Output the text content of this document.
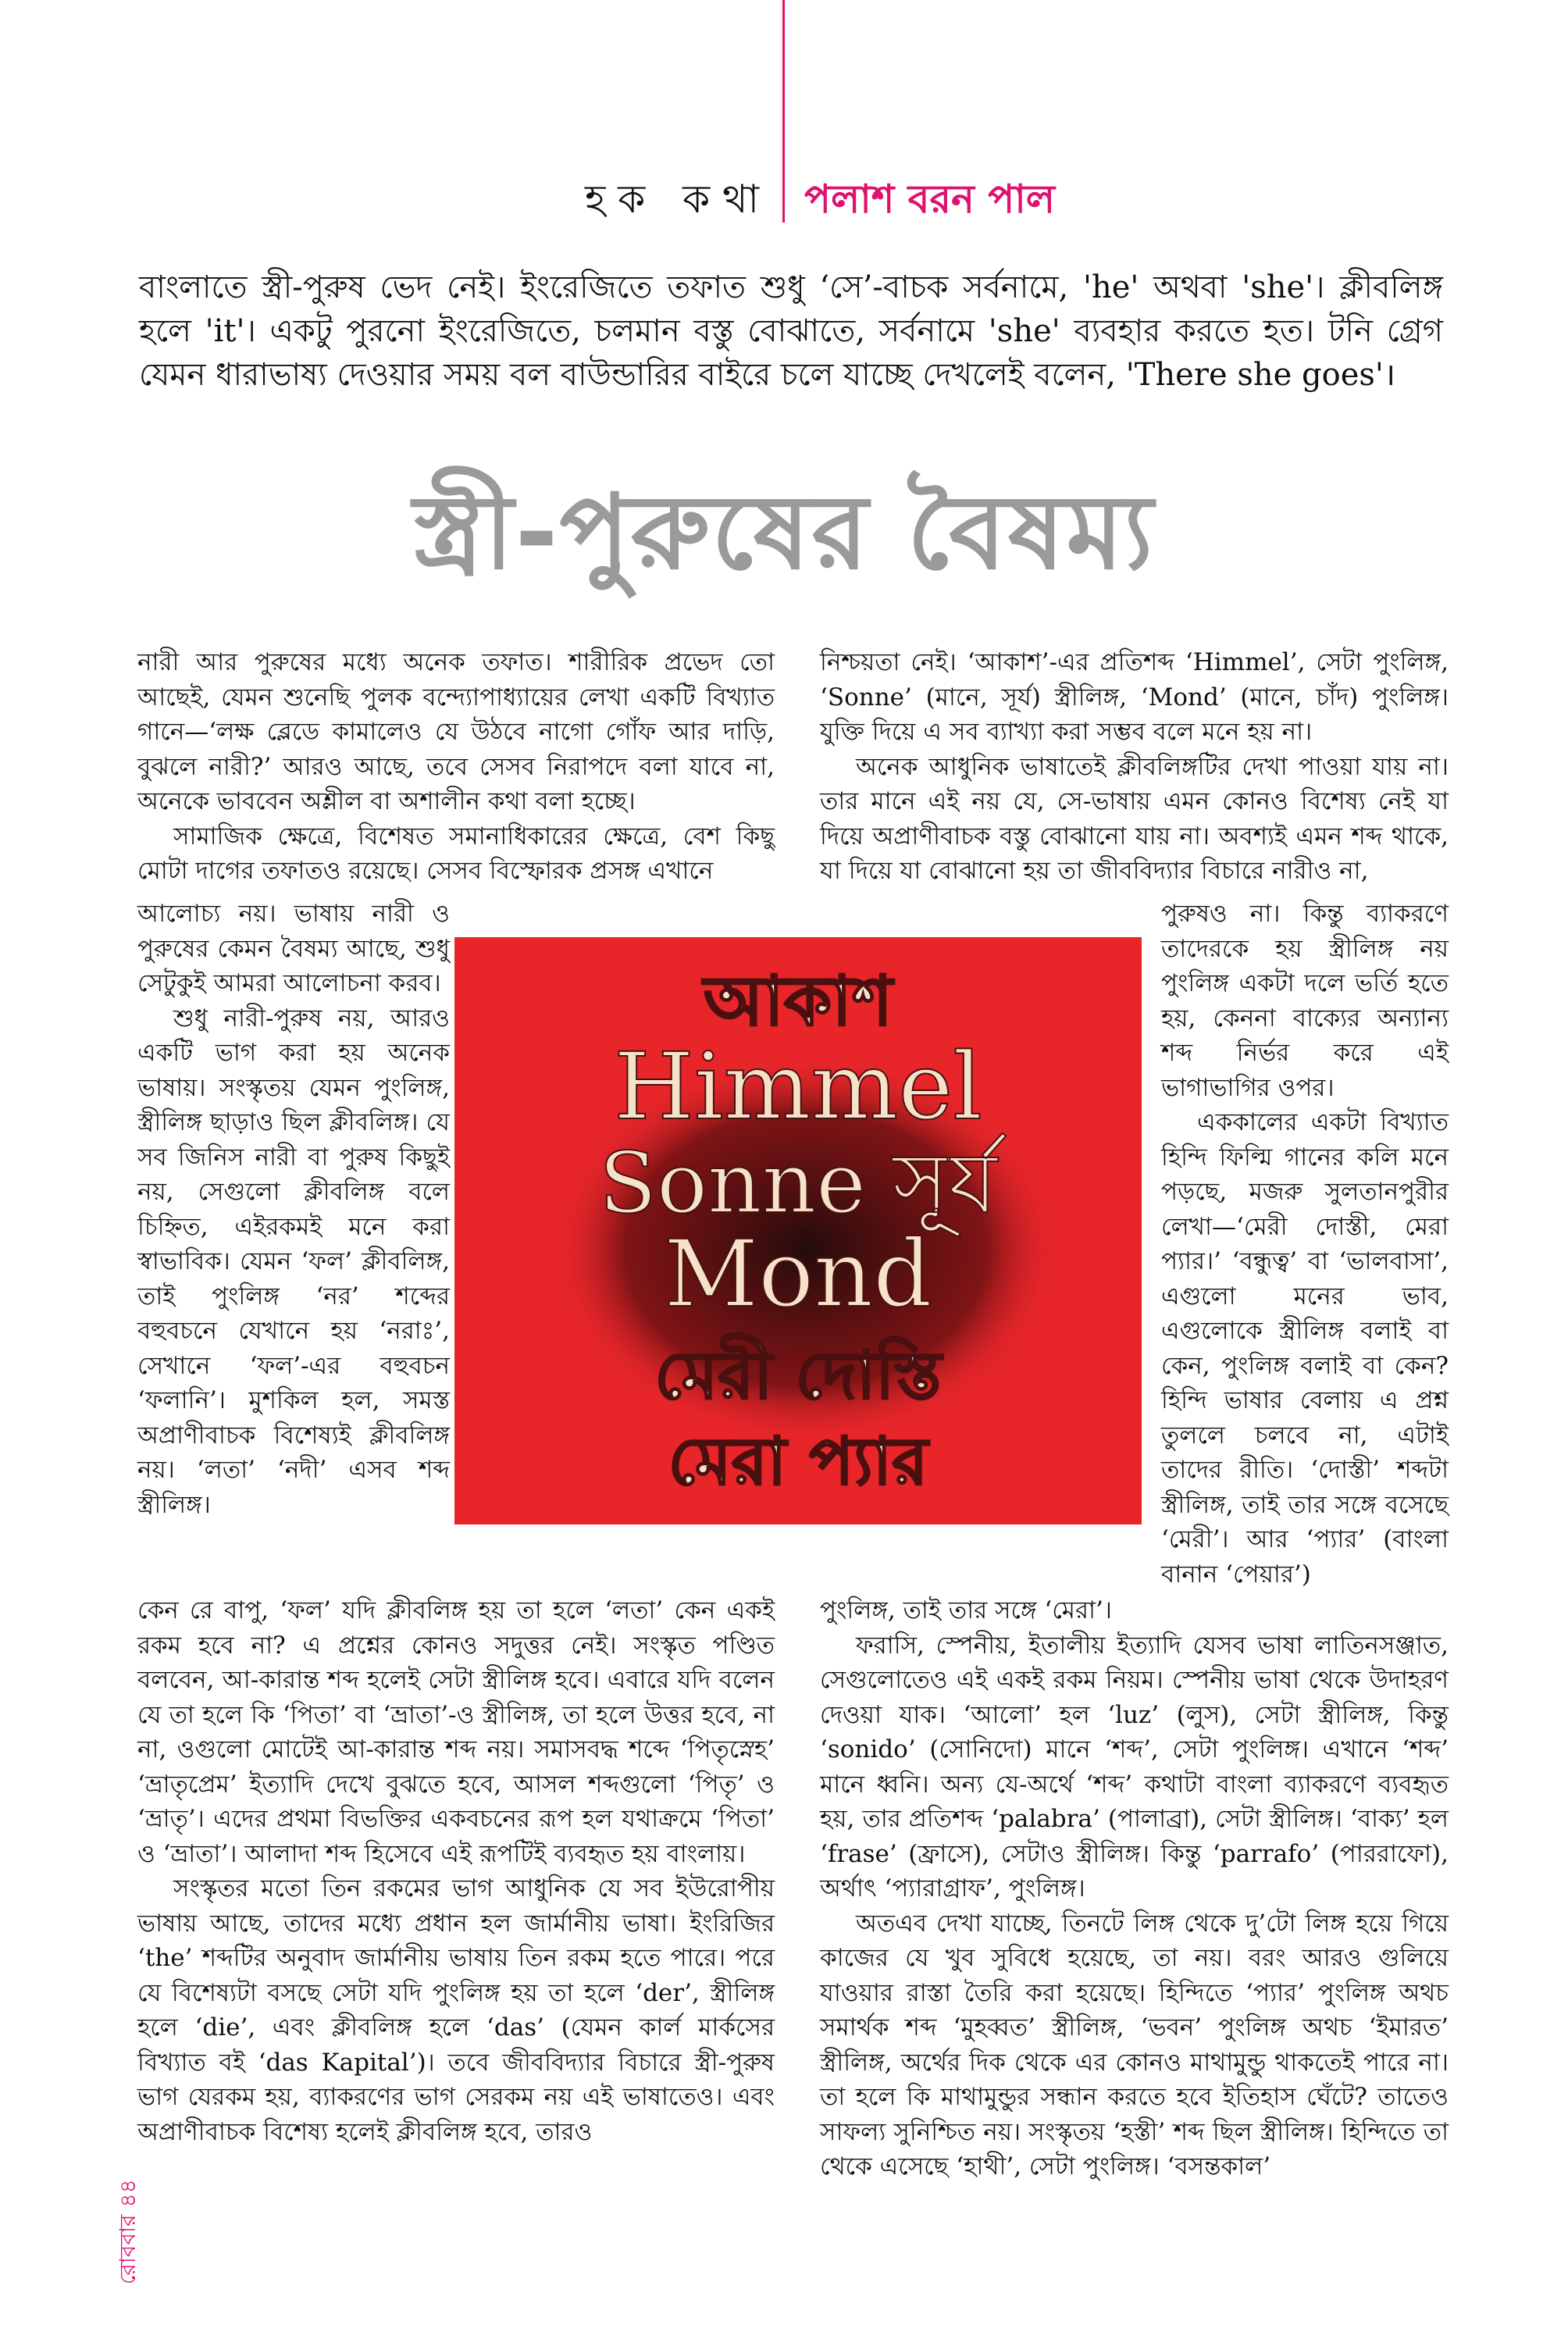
হক কথা পলাশ বরন পাল
বাংলাতে স্ত্রী-পুরুষ ভেদ নেই। ইংরেজিতে তফাত শুধু ‘সে’-বাচক সর্বনামে, 'he' অথবা 'she'। ক্লীবলিঙ্গ হলে 'it'। একটু পুরনো ইংরেজিতে, চলমান বস্তু বোঝাতে, সর্বনামে 'she' ব্যবহার করতে হত। টনি গ্রেগ যেমন ধারাভাষ্য দেওয়ার সময় বল বাউন্ডারির বাইরে চলে যাচ্ছে দেখলেই বলেন, 'There she goes'।
স্ত্রী-পুরুষের বৈষম্য

নারী আর পুরুষের মধ্যে অনেক তফাত। শারীরিক প্রভেদ তো আছেই, যেমন শুনেছি পুলক বন্দ্যোপাধ্যায়ের লেখা একটি বিখ্যাত গানে—‘লক্ষ ব্লেডে কামালেও যে উঠবে নাগো গোঁফ আর দাড়ি, বুঝলে নারী?’ আরও আছে, তবে সেসব নিরাপদে বলা যাবে না, অনেকে ভাববেন অশ্লীল বা অশালীন কথা বলা হচ্ছে।

সামাজিক ক্ষেত্রে, বিশেষত সমানাধিকারের ক্ষেত্রে, বেশ কিছু মোটা দাগের তফাতও রয়েছে। সেসব বিস্ফোরক প্রসঙ্গ এখানে

আলোচ্য নয়। ভাষায় নারী ও পুরুষের কেমন বৈষম্য আছে, শুধু সেটুকুই আমরা আলোচনা করব।

শুধু নারী-পুরুষ নয়, আরও একটি ভাগ করা হয় অনেক ভাষায়। সংস্কৃতয় যেমন পুংলিঙ্গ, স্ত্রীলিঙ্গ ছাড়াও ছিল ক্লীবলিঙ্গ। যে সব জিনিস নারী বা পুরুষ কিছুই নয়, সেগুলো ক্লীবলিঙ্গ বলে চিহ্নিত, এইরকমই মনে করা স্বাভাবিক। যেমন ‘ফল’ ক্লীবলিঙ্গ, তাই পুংলিঙ্গ ‘নর’ শব্দের বহুবচনে যেখানে হয় ‘নরাঃ’, সেখানে ‘ফল’-এর বহুবচন ‘ফলানি’। মুশকিল হল, সমস্ত অপ্রাণীবাচক বিশেষ্যই ক্লীবলিঙ্গ নয়। ‘লতা’ ‘নদী’ এসব শব্দ স্ত্রীলিঙ্গ।

আকাশ
Himmel
Sonne সূর্য
Mond
মেরী দোস্তি
মেরা প্যার

কেন রে বাপু, ‘ফল’ যদি ক্লীবলিঙ্গ হয় তা হলে ‘লতা’ কেন একই রকম হবে না? এ প্রশ্নের কোনও সদুত্তর নেই। সংস্কৃত পণ্ডিত বলবেন, আ-কারান্ত শব্দ হলেই সেটা স্ত্রীলিঙ্গ হবে। এবারে যদি বলেন যে তা হলে কি ‘পিতা’ বা ‘ভ্রাতা’-ও স্ত্রীলিঙ্গ, তা হলে উত্তর হবে, না না, ওগুলো মোটেই আ-কারান্ত শব্দ নয়। সমাসবদ্ধ শব্দে ‘পিতৃস্নেহ’ ‘ভ্রাতৃপ্রেম’ ইত্যাদি দেখে বুঝতে হবে, আসল শব্দগুলো ‘পিতৃ’ ও ‘ভ্রাতৃ’। এদের প্রথমা বিভক্তির একবচনের রূপ হল যথাক্রমে ‘পিতা’ ও ‘ভ্রাতা’। আলাদা শব্দ হিসেবে এই রূপটিই ব্যবহৃত হয় বাংলায়।

সংস্কৃতর মতো তিন রকমের ভাগ আধুনিক যে সব ইউরোপীয় ভাষায় আছে, তাদের মধ্যে প্রধান হল জার্মানীয় ভাষা। ইংরিজির ‘the’ শব্দটির অনুবাদ জার্মানীয় ভাষায় তিন রকম হতে পারে। পরে যে বিশেষ্যটা বসছে সেটা যদি পুংলিঙ্গ হয় তা হলে ‘der’, স্ত্রীলিঙ্গ হলে ‘die’, এবং ক্লীবলিঙ্গ হলে ‘das’ (যেমন কার্ল মার্কসের বিখ্যাত বই ‘das Kapital’)। তবে জীববিদ্যার বিচারে স্ত্রী-পুরুষ ভাগ যেরকম হয়, ব্যাকরণের ভাগ সেরকম নয় এই ভাষাতেও। এবং অপ্রাণীবাচক বিশেষ্য হলেই ক্লীবলিঙ্গ হবে, তারও

নিশ্চয়তা নেই। ‘আকাশ’-এর প্রতিশব্দ ‘Himmel’, সেটা পুংলিঙ্গ, ‘Sonne’ (মানে, সূর্য) স্ত্রীলিঙ্গ, ‘Mond’ (মানে, চাঁদ) পুংলিঙ্গ। যুক্তি দিয়ে এ সব ব্যাখ্যা করা সম্ভব বলে মনে হয় না।

অনেক আধুনিক ভাষাতেই ক্লীবলিঙ্গটির দেখা পাওয়া যায় না। তার মানে এই নয় যে, সে-ভাষায় এমন কোনও বিশেষ্য নেই যা দিয়ে অপ্রাণীবাচক বস্তু বোঝানো যায় না। অবশ্যই এমন শব্দ থাকে, যা দিয়ে যা বোঝানো হয় তা জীববিদ্যার বিচারে নারীও না,

পুরুষও না। কিন্তু ব্যাকরণে তাদেরকে হয় স্ত্রীলিঙ্গ নয় পুংলিঙ্গ একটা দলে ভর্তি হতে হয়, কেননা বাক্যের অন্যান্য শব্দ নির্ভর করে এই ভাগাভাগির ওপর।

এককালের একটা বিখ্যাত হিন্দি ফিল্মি গানের কলি মনে পড়ছে, মজরু সুলতানপুরীর লেখা—‘মেরী দোস্তী, মেরা প্যার।’ ‘বন্ধুত্ব’ বা ‘ভালবাসা’, এগুলো মনের ভাব, এগুলোকে স্ত্রীলিঙ্গ বলাই বা কেন, পুংলিঙ্গ বলাই বা কেন? হিন্দি ভাষার বেলায় এ প্রশ্ন তুললে চলবে না, এটাই তাদের রীতি। ‘দোস্তী’ শব্দটা স্ত্রীলিঙ্গ, তাই তার সঙ্গে বসেছে ‘মেরী’। আর ‘প্যার’ (বাংলা বানান ‘পেয়ার’)

পুংলিঙ্গ, তাই তার সঙ্গে ‘মেরা’।

ফরাসি, স্পেনীয়, ইতালীয় ইত্যাদি যেসব ভাষা লাতিনসঞ্জাত, সেগুলোতেও এই একই রকম নিয়ম। স্পেনীয় ভাষা থেকে উদাহরণ দেওয়া যাক। ‘আলো’ হল ‘luz’ (লুস), সেটা স্ত্রীলিঙ্গ, কিন্তু ‘sonido’ (সোনিদো) মানে ‘শব্দ’, সেটা পুংলিঙ্গ। এখানে ‘শব্দ’ মানে ধ্বনি। অন্য যে-অর্থে ‘শব্দ’ কথাটা বাংলা ব্যাকরণে ব্যবহৃত হয়, তার প্রতিশব্দ ‘palabra’ (পালাব্রা), সেটা স্ত্রীলিঙ্গ। ‘বাক্য’ হল ‘frase’ (ফ্রাসে), সেটাও স্ত্রীলিঙ্গ। কিন্তু ‘parrafo’ (পাররাফো), অর্থাৎ ‘প্যারাগ্রাফ’, পুংলিঙ্গ।

অতএব দেখা যাচ্ছে, তিনটে লিঙ্গ থেকে দু’টো লিঙ্গ হয়ে গিয়ে কাজের যে খুব সুবিধে হয়েছে, তা নয়। বরং আরও গুলিয়ে যাওয়ার রাস্তা তৈরি করা হয়েছে। হিন্দিতে ‘প্যার’ পুংলিঙ্গ অথচ সমার্থক শব্দ ‘মুহব্বত’ স্ত্রীলিঙ্গ, ‘ভবন’ পুংলিঙ্গ অথচ ‘ইমারত’ স্ত্রীলিঙ্গ, অর্থের দিক থেকে এর কোনও মাথামুন্ডু থাকতেই পারে না। তা হলে কি মাথামুন্ডুর সন্ধান করতে হবে ইতিহাস ঘেঁটে? তাতেও সাফল্য সুনিশ্চিত নয়। সংস্কৃতয় ‘হস্তী’ শব্দ ছিল স্ত্রীলিঙ্গ। হিন্দিতে তা থেকে এসেছে ‘হাথী’, সেটা পুংলিঙ্গ। ‘বসন্তকাল’

রোববার ৪৪
